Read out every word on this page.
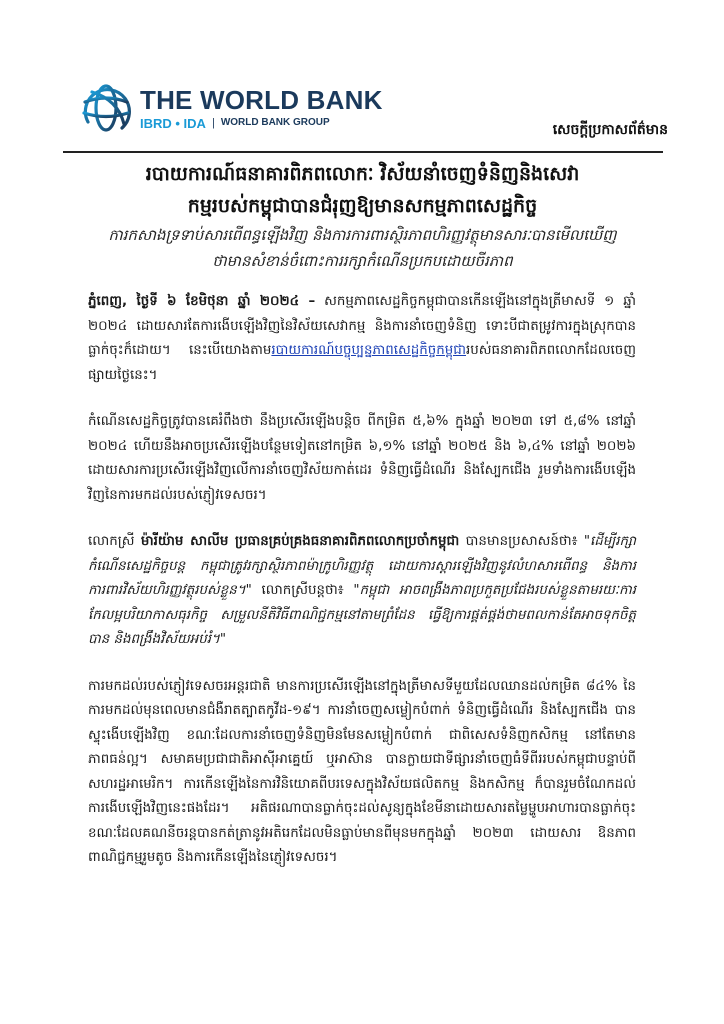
THE WORLD BANK
IBRD • IDA | WORLD BANK GROUP	សេចក្តីប្រកាសព័ត៌មាន
របាយការណ៍ធនាគារពិភពលោកៈ វិស័យនាំចេញទំនិញនិងសេវា
កម្មរបស់កម្ពុជាបានជំរុញឱ្យមានសកម្មភាពសេដ្ឋកិច្ច
ការកសាងទ្រទាប់សារពើពន្ធឡើងវិញ និងការការពារស្ថិរភាពហិរញ្ញវត្ថុមានសារៈបានមើលឃើញ
ថាមានសំខាន់ចំពោះការរក្សាកំណើនប្រកបដោយចីរភាព

ភ្នំពេញ, ថ្ងៃទី ៦ ខែមិថុនា ឆ្នាំ ២០២៤ – សកម្មភាពសេដ្ឋកិច្ចកម្ពុជាបានកើនឡើងនៅក្នុងត្រីមាសទី ១ ឆ្នាំ ២០២៤ ដោយសារតែការងើបឡើងវិញនៃវិស័យសេវាកម្ម និងការនាំចេញទំនិញ ទោះបីជាតម្រូវការក្នុងស្រុកបានធ្លាក់ចុះក៏ដោយ។ នេះបើយោងតាមរបាយការណ៍បច្ចុប្បន្នភាពសេដ្ឋកិច្ចកម្ពុជារបស់ធនាគារពិភពលោកដែលចេញផ្សាយថ្ងៃនេះ។

កំណើនសេដ្ឋកិច្ចត្រូវបានគេរំពឹងថា នឹងប្រសើរឡើងបន្តិច ពីកម្រិត ៥,៦% ក្នុងឆ្នាំ ២០២៣ ទៅ ៥,៨% នៅឆ្នាំ ២០២៤ ហើយនឹងអាចប្រសើរឡើងបន្ថែមទៀតនៅកម្រិត ៦,១% នៅឆ្នាំ ២០២៥ និង ៦,៤% នៅឆ្នាំ ២០២៦ ដោយសារការប្រសើរឡើងវិញលើការនាំចេញវិស័យកាត់ដេរ ទំនិញធ្វើដំណើរ និងស្បែកជើង រួមទាំងការងើបឡើងវិញនៃការមកដល់របស់ភ្ញៀវទេសចរ។

លោកស្រី ម៉ារីយ៉ាម សាលីម ប្រធានគ្រប់គ្រងធនាគារពិភពលោកប្រចាំកម្ពុជា បានមានប្រសាសន៍ថា៖ "ដើម្បីរក្សាកំណើនសេដ្ឋកិច្ចបន្ត កម្ពុជាត្រូវរក្សាស្ថិរភាពម៉ាក្រូហិរញ្ញវត្ថុ ដោយការស្តារឡើងវិញនូវលំហសារពើពន្ធ និងការការពារវិស័យហិរញ្ញវត្ថុរបស់ខ្លួន។" លោកស្រីបន្តថា៖ "កម្ពុជា អាចពង្រឹងភាពប្រកួតប្រជែងរបស់ខ្លួនតាមរយៈការកែលម្អបរិយាកាសធុរកិច្ច សម្រួលនីតិវិធីពាណិជ្ជកម្មនៅតាមព្រំដែន ធ្វើឱ្យការផ្គត់ផ្គង់ថាមពលកាន់តែអាចទុកចិត្តបាន និងពង្រឹងវិស័យអប់រំ។"

ការមកដល់របស់ភ្ញៀវទេសចរអន្តរជាតិ មានការប្រសើរឡើងនៅក្នុងត្រីមាសទីមួយដែលឈានដល់កម្រិត ៨៤% នៃការមកដល់មុនពេលមានជំងឺរាតត្បាតកូវីដ-១៩។ ការនាំចេញសម្លៀកបំពាក់ ទំនិញធ្វើដំណើរ និងស្បែកជើង បានស្ទុះងើបឡើងវិញ ខណៈដែលការនាំចេញទំនិញមិនមែនសម្លៀកបំពាក់ ជាពិសេសទំនិញកសិកម្ម នៅតែមានភាពធន់ល្អ។ សមាគមប្រជាជាតិអាស៊ីអាគ្នេយ៍ ឬអាស៊ាន បានក្លាយជាទីផ្សារនាំចេញធំទីពីររបស់កម្ពុជាបន្ទាប់ពីសហរដ្ឋអាមេរិក។ ការកើនឡើងនៃការវិនិយោគពីបរទេសក្នុងវិស័យផលិតកម្ម និងកសិកម្ម ក៏បានរួមចំណែកដល់ការងើបឡើងវិញនេះផងដែរ។ អតិផរណាបានធ្លាក់ចុះដល់សូន្យក្នុងខែមីនាដោយសារតម្លៃម្ហូបអាហារបានធ្លាក់ចុះ ខណៈដែលគណនីចរន្តបានកត់ត្រានូវអតិរេកដែលមិនធ្លាប់មានពីមុនមកក្នុងឆ្នាំ ២០២៣ ដោយសារ ឱនភាពពាណិជ្ជកម្មរួមតូច និងការកើនឡើងនៃភ្ញៀវទេសចរ។
